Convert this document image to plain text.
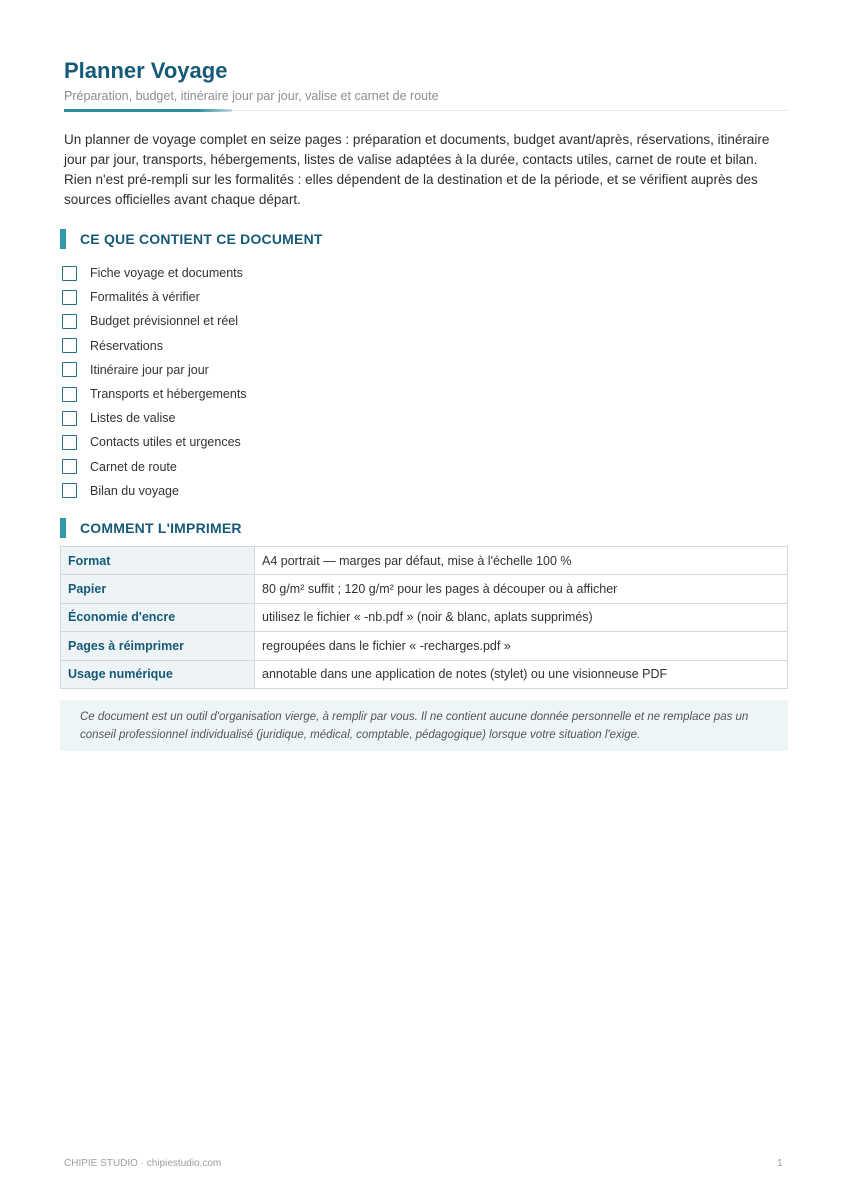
Planner Voyage
Préparation, budget, itinéraire jour par jour, valise et carnet de route

Un planner de voyage complet en seize pages : préparation et documents, budget avant/après, réservations, itinéraire jour par jour, transports, hébergements, listes de valise adaptées à la durée, contacts utiles, carnet de route et bilan. Rien n'est pré-rempli sur les formalités : elles dépendent de la destination et de la période, et se vérifient auprès des sources officielles avant chaque départ.

CE QUE CONTIENT CE DOCUMENT
Fiche voyage et documents
Formalités à vérifier
Budget prévisionnel et réel
Réservations
Itinéraire jour par jour
Transports et hébergements
Listes de valise
Contacts utiles et urgences
Carnet de route
Bilan du voyage
COMMENT L'IMPRIMER
Format	A4 portrait — marges par défaut, mise à l'échelle 100 %
Papier	80 g/m² suffit ; 120 g/m² pour les pages à découper ou à afficher
Économie d'encre	utilisez le fichier « -nb.pdf » (noir & blanc, aplats supprimés)
Pages à réimprimer	regroupées dans le fichier « -recharges.pdf »
Usage numérique	annotable dans une application de notes (stylet) ou une visionneuse PDF
Ce document est un outil d'organisation vierge, à remplir par vous. Il ne contient aucune donnée personnelle et ne remplace pas un conseil professionnel individualisé (juridique, médical, comptable, pédagogique) lorsque votre situation l'exige.
CHIPIE STUDIO · chipiestudio.com	1
